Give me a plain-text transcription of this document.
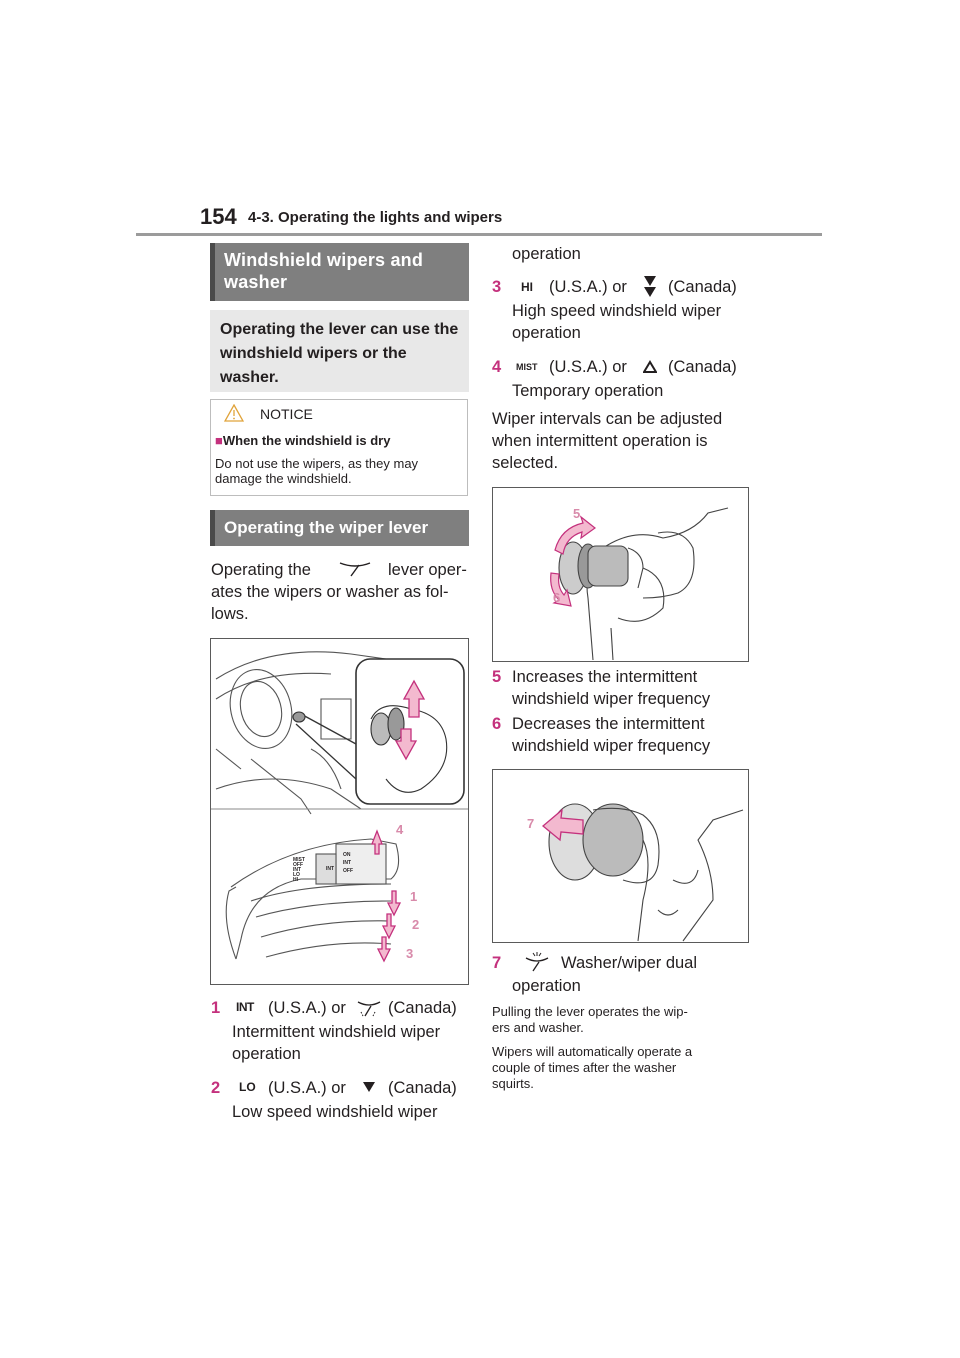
154 4-3. Operating the lights and wipers
Windshield wipers and washer
Operating the lever can use the windshield wipers or the washer.
NOTICE
■When the windshield is dry
Do not use the wipers, as they may damage the windshield.
Operating the wiper lever
Operating the	lever oper-
ates the wipers or washer as fol-
lows.
4
1
2
3
MIST
OFF
INT
LO
HI
ON
INT
OFF
INT
1 INT (U.S.A.) or	(Canada)
Intermittent windshield wiper
operation
2 LO (U.S.A.) or	(Canada)
Low speed windshield wiper
operation
3 HI (U.S.A.) or (Canada)
High speed windshield wiper
operation
4 MIST (U.S.A.) or (Canada)
Temporary operation
Wiper intervals can be adjusted
when intermittent operation is
selected.
5
6
5 Increases the intermittent
windshield wiper frequency
6 Decreases the intermittent
windshield wiper frequency
7
7	Washer/wiper dual
operation
Pulling the lever operates the wip-
ers and washer.
Wipers will automatically operate a
couple of times after the washer
squirts.
